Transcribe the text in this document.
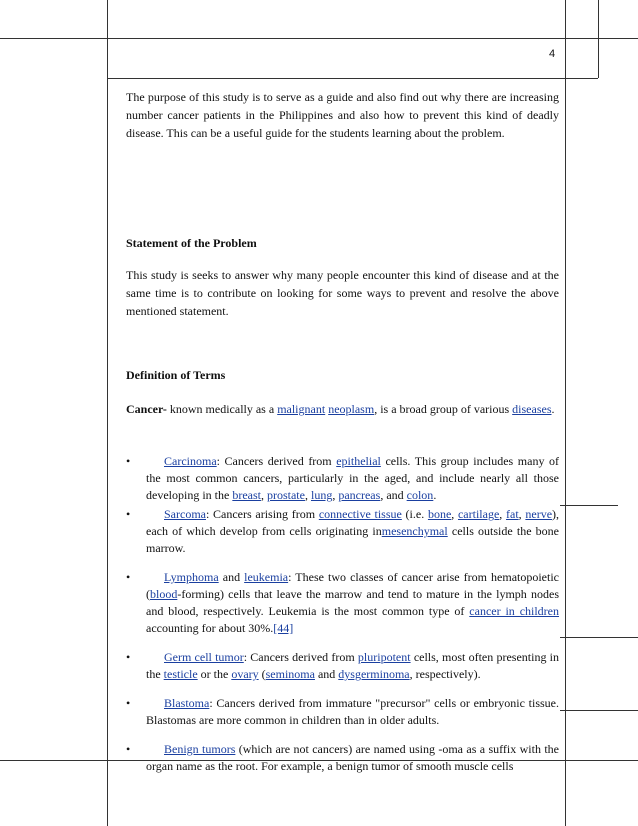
4

The purpose of this study is to serve as a guide and also find out why there are increasing number cancer patients in the Philippines and also how to prevent this kind of deadly disease. This can be a useful guide for the students learning about the problem.

Statement of the Problem

This study is seeks to answer why many people encounter this kind of disease and at the same time is to contribute on looking for some ways to prevent and resolve the above mentioned statement.

Definition of Terms

Cancer- known medically as a malignant neoplasm, is a broad group of various diseases.

•	Carcinoma: Cancers derived from epithelial cells. This group includes many of the most common cancers, particularly in the aged, and include nearly all those developing in the breast, prostate, lung, pancreas, and colon.
•	Sarcoma: Cancers arising from connective tissue (i.e. bone, cartilage, fat, nerve), each of which develop from cells originating inmesenchymal cells outside the bone marrow.
•	Lymphoma and leukemia: These two classes of cancer arise from hematopoietic (blood-forming) cells that leave the marrow and tend to mature in the lymph nodes and blood, respectively. Leukemia is the most common type of cancer in children accounting for about 30%.[44]
•	Germ cell tumor: Cancers derived from pluripotent cells, most often presenting in the testicle or the ovary (seminoma and dysgerminoma, respectively).
•	Blastoma: Cancers derived from immature "precursor" cells or embryonic tissue. Blastomas are more common in children than in older adults.
•	Benign tumors (which are not cancers) are named using -oma as a suffix with the organ name as the root. For example, a benign tumor of smooth muscle cells
